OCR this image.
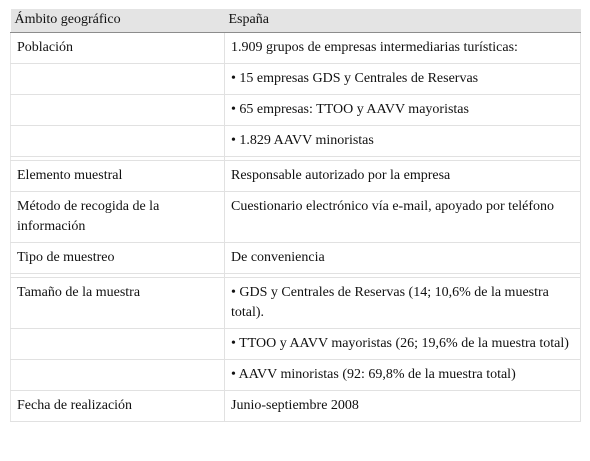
Ámbito geográfico	España
Población	1.909 grupos de empresas intermediarias turísticas:
	• 15 empresas GDS y Centrales de Reservas
	• 65 empresas: TTOO y AAVV mayoristas
	• 1.829 AAVV minoristas

Elemento muestral	Responsable autorizado por la empresa
Método de recogida de la información	Cuestionario electrónico vía e-mail, apoyado por teléfono
Tipo de muestreo	De conveniencia

Tamaño de la muestra	• GDS y Centrales de Reservas (14; 10,6% de la muestra total).
	• TTOO y AAVV mayoristas (26; 19,6% de la muestra total)
	• AAVV minoristas (92: 69,8% de la muestra total)
Fecha de realización	Junio-septiembre 2008
